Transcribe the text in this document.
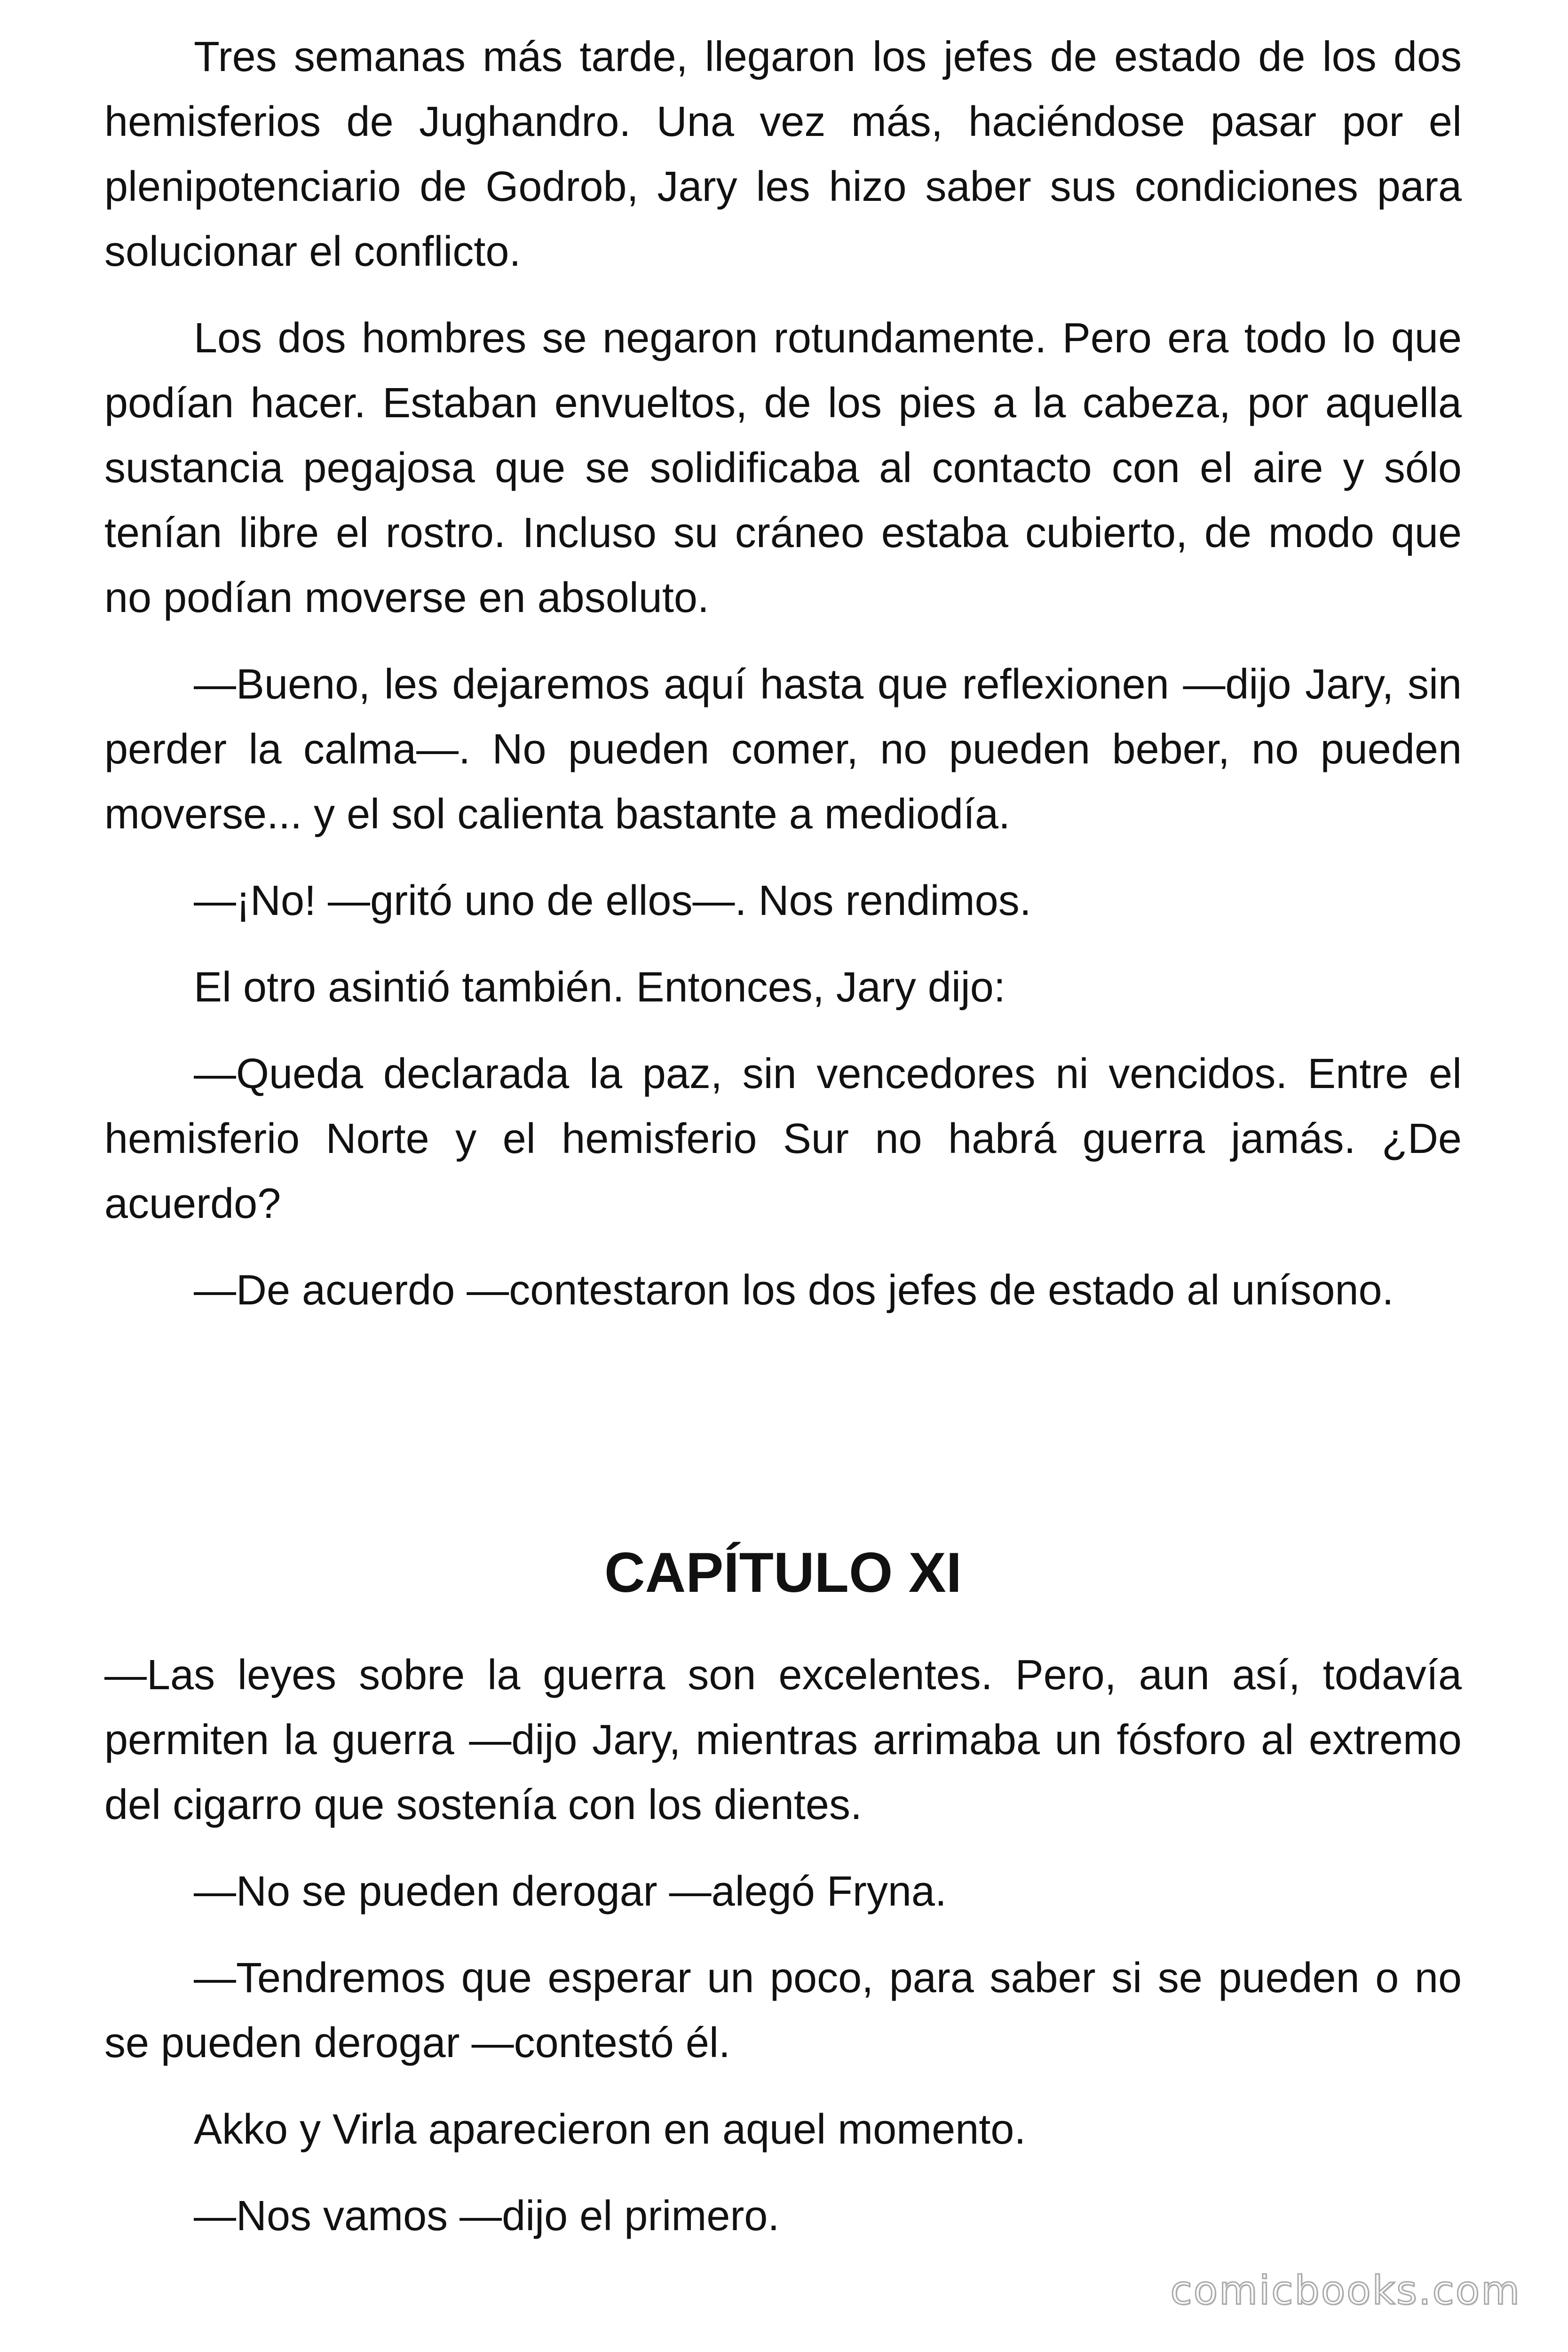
Tres semanas más tarde, llegaron los jefes de estado de los dos hemisferios de Jughandro. Una vez más, haciéndose pasar por el plenipotenciario de Godrob, Jary les hizo saber sus condiciones para solucionar el conflicto.

Los dos hombres se negaron rotundamente. Pero era todo lo que podían hacer. Estaban envueltos, de los pies a la cabeza, por aquella sustancia pegajosa que se solidificaba al contacto con el aire y sólo tenían libre el rostro. Incluso su cráneo estaba cubierto, de modo que no podían moverse en absoluto.

—Bueno, les dejaremos aquí hasta que reflexionen —dijo Jary, sin perder la calma—. No pueden comer, no pueden beber, no pueden moverse... y el sol calienta bastante a mediodía.

—¡No! —gritó uno de ellos—. Nos rendimos.

El otro asintió también. Entonces, Jary dijo:

—Queda declarada la paz, sin vencedores ni vencidos. Entre el hemisferio Norte y el hemisferio Sur no habrá guerra jamás. ¿De acuerdo?

—De acuerdo —contestaron los dos jefes de estado al unísono.

CAPÍTULO XI

—Las leyes sobre la guerra son excelentes. Pero, aun así, todavía permiten la guerra —dijo Jary, mientras arrimaba un fósforo al extremo del cigarro que sostenía con los dientes.

—No se pueden derogar —alegó Fryna.

—Tendremos que esperar un poco, para saber si se pueden o no se pueden derogar —contestó él.

Akko y Virla aparecieron en aquel momento.

—Nos vamos —dijo el primero.

comicbooks.com
